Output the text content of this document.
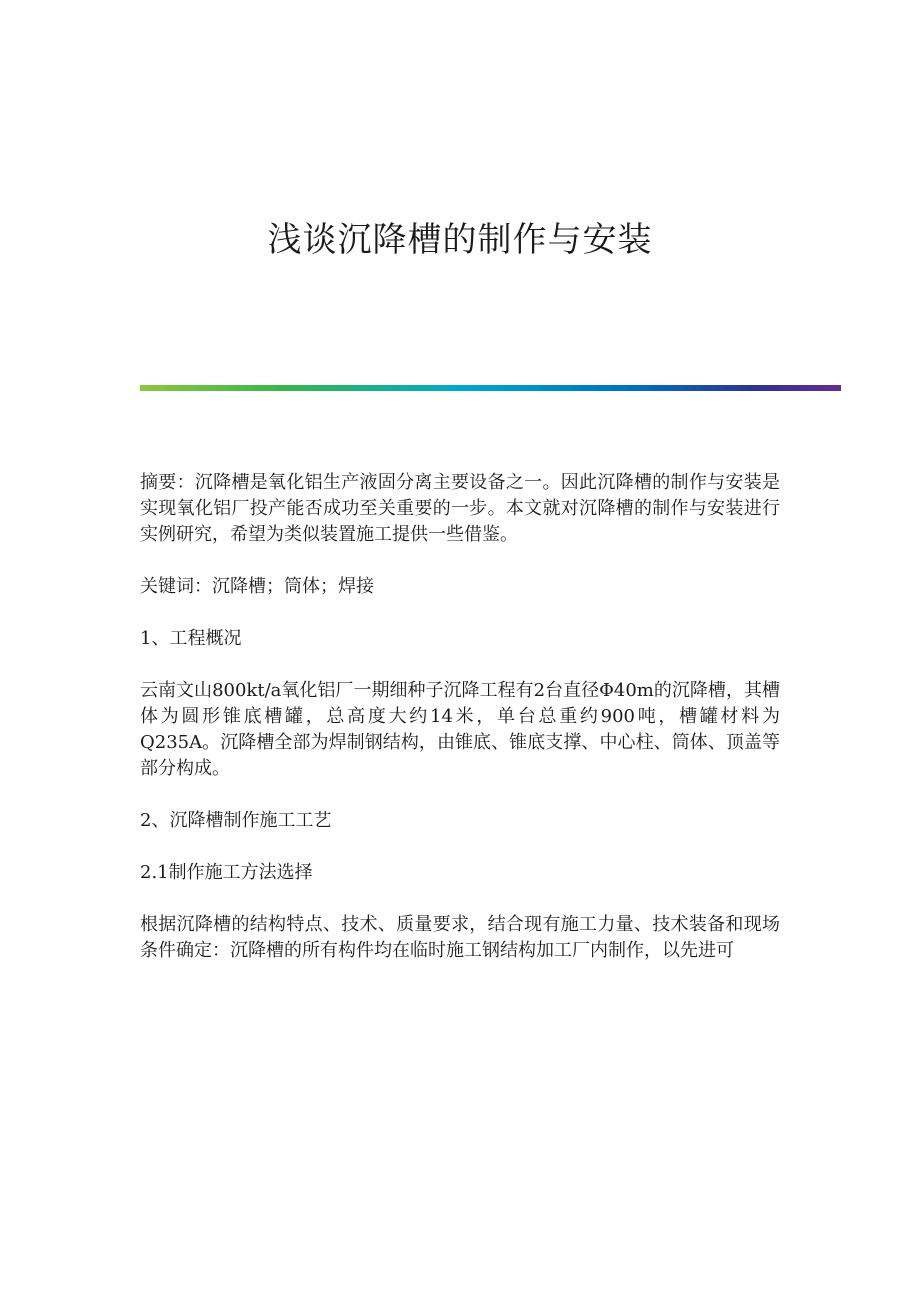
浅谈沉降槽的制作与安装

摘要：沉降槽是氧化铝生产液固分离主要设备之一。因此沉降槽的制作与安装是实现氧化铝厂投产能否成功至关重要的一步。本文就对沉降槽的制作与安装进行实例研究，希望为类似装置施工提供一些借鉴。

关键词：沉降槽；筒体；焊接

1、工程概况

云南文山800kt/a氧化铝厂一期细种子沉降工程有2台直径Φ40m的沉降槽，其槽体为圆形锥底槽罐，总高度大约14米，单台总重约900吨，槽罐材料为Q235A。沉降槽全部为焊制钢结构，由锥底、锥底支撑、中心柱、筒体、顶盖等部分构成。

2、沉降槽制作施工工艺

2.1制作施工方法选择

根据沉降槽的结构特点、技术、质量要求，结合现有施工力量、技术装备和现场条件确定：沉降槽的所有构件均在临时施工钢结构加工厂内制作，以先进可
